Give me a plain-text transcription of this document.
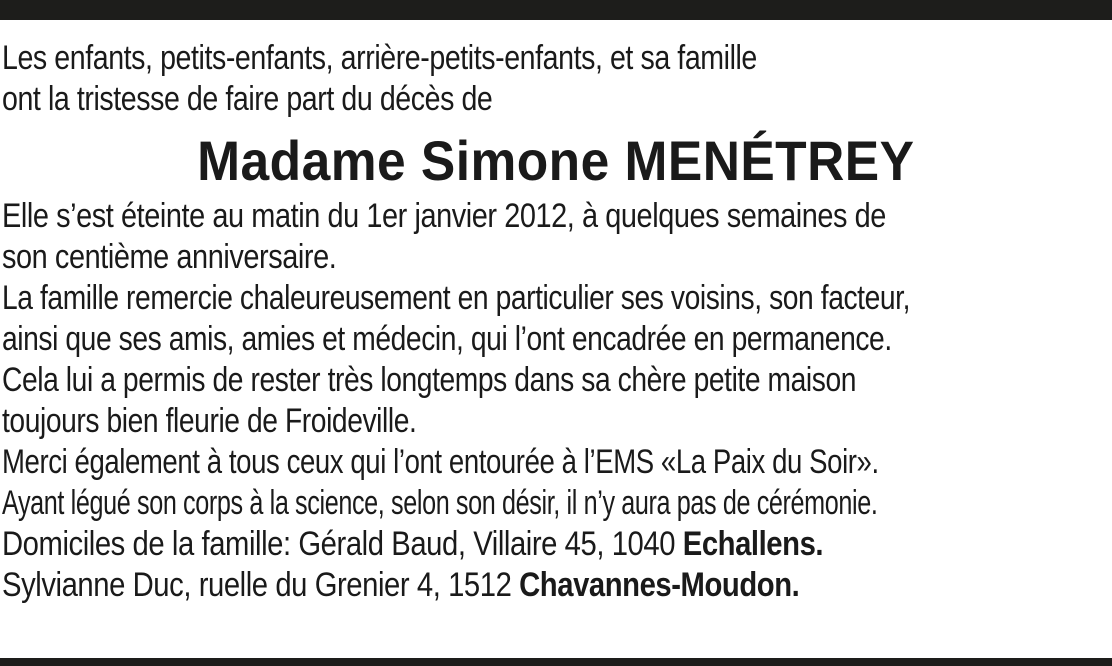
Les enfants, petits-enfants, arrière-petits-enfants, et sa famille
ont la tristesse de faire part du décès de
Madame Simone MENÉTREY
Elle s’est éteinte au matin du 1er janvier 2012, à quelques semaines de
son centième anniversaire.
La famille remercie chaleureusement en particulier ses voisins, son facteur,
ainsi que ses amis, amies et médecin, qui l’ont encadrée en permanence.
Cela lui a permis de rester très longtemps dans sa chère petite maison
toujours bien fleurie de Froideville.
Merci également à tous ceux qui l’ont entourée à l’EMS «La Paix du Soir».
Ayant légué son corps à la science, selon son désir, il n’y aura pas de cérémonie.
Domiciles de la famille: Gérald Baud, Villaire 45, 1040 Echallens.
Sylvianne Duc, ruelle du Grenier 4, 1512 Chavannes-Moudon.
